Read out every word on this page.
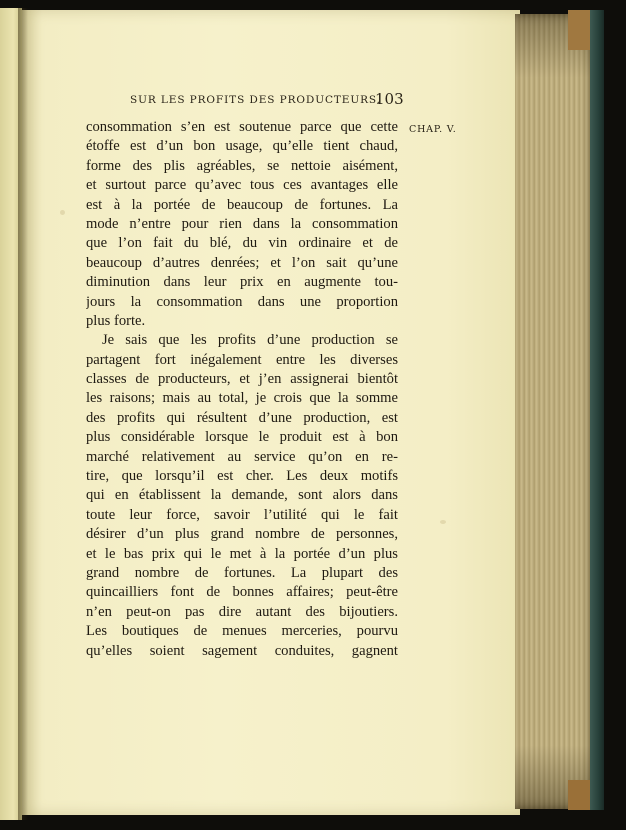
SUR LES PROFITS DES PRODUCTEURS.
103
CHAP. V.
consommation s’en est soutenue parce que cette
étoffe est d’un bon usage, qu’elle tient chaud,
forme des plis agréables, se nettoie aisément,
et surtout parce qu’avec tous ces avantages elle
est à la portée de beaucoup de fortunes. La
mode n’entre pour rien dans la consommation
que l’on fait du blé, du vin ordinaire et de
beaucoup d’autres denrées; et l’on sait qu’une
diminution dans leur prix en augmente tou-
jours la consommation dans une proportion
plus forte.
Je sais que les profits d’une production se
partagent fort inégalement entre les diverses
classes de producteurs, et j’en assignerai bientôt
les raisons; mais au total, je crois que la somme
des profits qui résultent d’une production, est
plus considérable lorsque le produit est à bon
marché relativement au service qu’on en re-
tire, que lorsqu’il est cher. Les deux motifs
qui en établissent la demande, sont alors dans
toute leur force, savoir l’utilité qui le fait
désirer d’un plus grand nombre de personnes,
et le bas prix qui le met à la portée d’un plus
grand nombre de fortunes. La plupart des
quincailliers font de bonnes affaires; peut-être
n’en peut-on pas dire autant des bijoutiers.
Les boutiques de menues merceries, pourvu
qu’elles soient sagement conduites, gagnent
